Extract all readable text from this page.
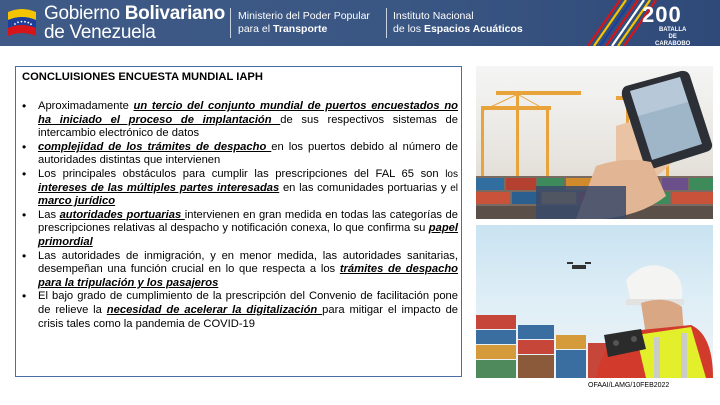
Gobierno Bolivariano
de Venezuela
Ministerio del Poder Popular
para el Transporte
Instituto Nacional
de los Espacios Acuáticos
200
BATALLA
DE
CARABOBO
CONCLUISIONES ENCUESTA MUNDIAL IAPH
• Aproximadamente un tercio del conjunto mundial de puertos encuestados no ha iniciado el proceso de implantación de sus respectivos sistemas de intercambio electrónico de datos
• complejidad de los trámites de despacho en los puertos debido al número de autoridades distintas que intervienen
• Los principales obstáculos para cumplir las prescripciones del FAL 65 son los intereses de las múltiples partes interesadas en las comunidades portuarias y el marco jurídico
• Las autoridades portuarias intervienen en gran medida en todas las categorías de prescripciones relativas al despacho y notificación conexa, lo que confirma su papel primordial
• Las autoridades de inmigración, y en menor medida, las autoridades sanitarias, desempeñan una función crucial en lo que respecta a los trámites de despacho para la tripulación y los pasajeros
• El bajo grado de cumplimiento de la prescripción del Convenio de facilitación pone de relieve la necesidad de acelerar la digitalización para mitigar el impacto de crisis tales como la pandemia de COVID-19
OFAAI/LAMG/10FEB2022
